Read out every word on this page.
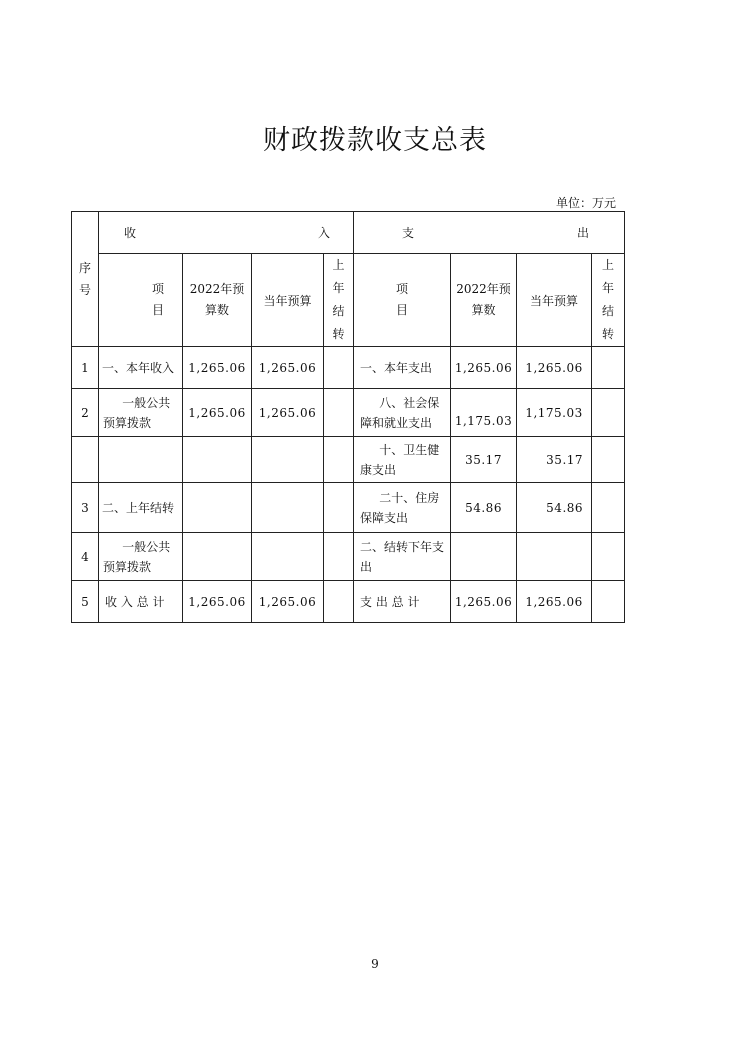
财政拨款收支总表
单位：万元
序号	收 入				支 出			

	项目	2022年预算数	当年预算	上年结转	项目	2022年预算数	当年预算	上年结转

1	一、本年收入	1,265.06	1,265.06		一、本年支出	1,265.06	1,265.06	
2	一般公共预算拨款	1,265.06	1,265.06		八、社会保障和就业支出	1,175.03	1,175.03	
					十、卫生健康支出	35.17	35.17	
3	二、上年结转				二十、住房保障支出	54.86	54.86	
4	一般公共预算拨款				二、结转下年支出			
5	收 入 总 计	1,265.06	1,265.06		支 出 总 计	1,265.06	1,265.06	
9
